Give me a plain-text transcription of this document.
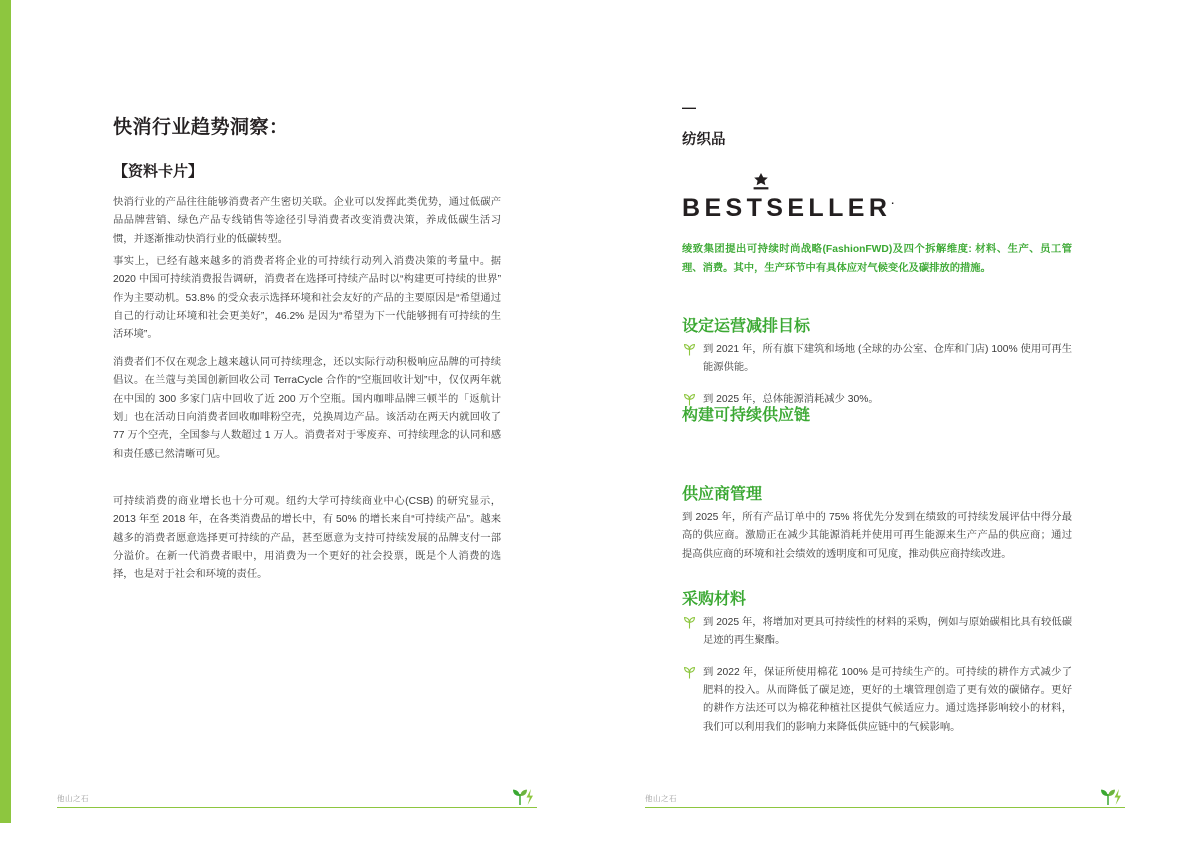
快消行业趋势洞察：
【资料卡片】
快消行业的产品往往能够消费者产生密切关联。企业可以发挥此类优势，通过低碳产品品牌营销、绿色产品专线销售等途径引导消费者改变消费决策，养成低碳生活习惯，并逐渐推动快消行业的低碳转型。
事实上，已经有越来越多的消费者将企业的可持续行动列入消费决策的考量中。据 2020 中国可持续消费报告调研，消费者在选择可持续产品时以“构建更可持续的世界”作为主要动机。53.8% 的受众表示选择环境和社会友好的产品的主要原因是“希望通过自己的行动让环境和社会更美好”，46.2% 是因为“希望为下一代能够拥有可持续的生活环境”。
消费者们不仅在观念上越来越认同可持续理念，还以实际行动积极响应品牌的可持续倡议。在兰蔻与美国创新回收公司 TerraCycle 合作的“空瓶回收计划”中，仅仅两年就在中国的 300 多家门店中回收了近 200 万个空瓶。国内咖啡品牌三顿半的「返航计划」也在活动日向消费者回收咖啡粉空壳，兑换周边产品。该活动在两天内就回收了 77 万个空壳，全国参与人数超过 1 万人。消费者对于零废弃、可持续理念的认同和感和责任感已然清晰可见。
可持续消费的商业增长也十分可观。纽约大学可持续商业中心(CSB) 的研究显示，2013 年至 2018 年，在各类消费品的增长中，有 50% 的增长来自“可持续产品”。越来越多的消费者愿意选择更可持续的产品，甚至愿意为支持可持续发展的品牌支付一部分溢价。在新一代消费者眼中，用消费为一个更好的社会投票，既是个人消费的选择，也是对于社会和环境的责任。
—
纺织品
BESTSELLER·
绫致集团提出可持续时尚战略(FashionFWD)及四个拆解维度: 材料、生产、员工管理、消费。其中，生产环节中有具体应对气候变化及碳排放的措施。
设定运营减排目标
到 2021 年，所有旗下建筑和场地 (全球的办公室、仓库和门店) 100% 使用可再生能源供能。
到 2025 年，总体能源消耗减少 30%。
构建可持续供应链
供应商管理
到 2025 年，所有产品订单中的 75% 将优先分发到在绩致的可持续发展评估中得分最高的供应商。激励正在减少其能源消耗并使用可再生能源来生产产品的供应商；通过提高供应商的环境和社会绩效的透明度和可见度，推动供应商持续改进。
采购材料
到 2025 年，将增加对更具可持续性的材料的采购，例如与原始碳相比具有较低碳足迹的再生聚酯。
到 2022 年，保证所使用棉花 100% 是可持续生产的。可持续的耕作方式减少了肥料的投入。从而降低了碳足迹，更好的土壤管理创造了更有效的碳储存。更好的耕作方法还可以为棉花种植社区提供气候适应力。通过选择影响较小的材料，我们可以利用我们的影响力来降低供应链中的气候影响。
他山之石	他山之石
